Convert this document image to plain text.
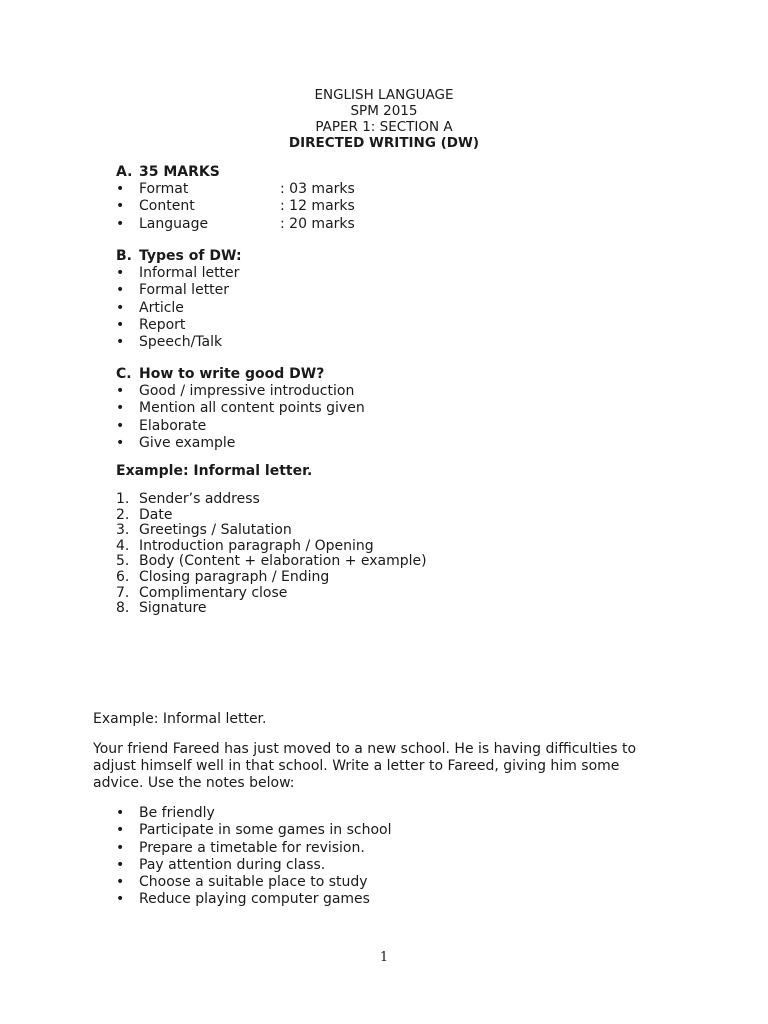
ENGLISH LANGUAGE
SPM 2015
PAPER 1: SECTION A
DIRECTED WRITING (DW)
A. 35 MARKS
•	Format	: 03 marks
•	Content	: 12 marks
•	Language	: 20 marks
B. Types of DW:
•	Informal letter
•	Formal letter
•	Article
•	Report
•	Speech/Talk
C. How to write good DW?
•	Good / impressive introduction
•	Mention all content points given
•	Elaborate
•	Give example
Example: Informal letter.
1. Sender’s address
2. Date
3. Greetings / Salutation
4. Introduction paragraph / Opening
5. Body (Content + elaboration + example)
6. Closing paragraph / Ending
7. Complimentary close
8. Signature
Example: Informal letter.
Your friend Fareed has just moved to a new school. He is having difficulties to
adjust himself well in that school. Write a letter to Fareed, giving him some
advice. Use the notes below:
•	Be friendly
•	Participate in some games in school
•	Prepare a timetable for revision.
•	Pay attention during class.
•	Choose a suitable place to study
•	Reduce playing computer games
1
